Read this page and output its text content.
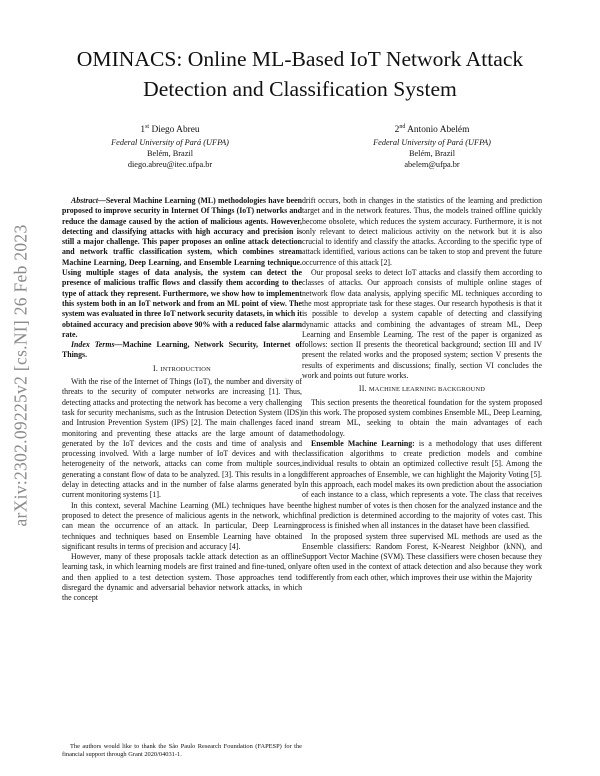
arXiv:2302.09225v2 [cs.NI] 26 Feb 2023
OMINACS: Online ML-Based IoT Network Attack Detection and Classification System
1st Diego Abreu
Federal University of Pará (UFPA)
Belém, Brazil
diego.abreu@itec.ufpa.br
2nd Antonio Abelém
Federal University of Pará (UFPA)
Belém, Brazil
abelem@ufpa.br

Abstract—Several Machine Learning (ML) methodologies have been proposed to improve security in Internet Of Things (IoT) networks and reduce the damage caused by the action of malicious agents. However, detecting and classifying attacks with high accuracy and precision is still a major challenge. This paper proposes an online attack detection and network traffic classification system, which combines stream Machine Learning, Deep Learning, and Ensemble Learning technique. Using multiple stages of data analysis, the system can detect the presence of malicious traffic flows and classify them according to the type of attack they represent. Furthermore, we show how to implement this system both in an IoT network and from an ML point of view. The system was evaluated in three IoT network security datasets, in which it obtained accuracy and precision above 90% with a reduced false alarm rate.

Index Terms—Machine Learning, Network Security, Internet of Things.

I. INTRODUCTION

With the rise of the Internet of Things (IoT), the number and diversity of threats to the security of computer networks are increasing [1]. Thus, detecting attacks and protecting the network has become a very challenging task for security mechanisms, such as the Intrusion Detection System (IDS) and Intrusion Prevention System (IPS) [2]. The main challenges faced in monitoring and preventing these attacks are the large amount of data generated by the IoT devices and the costs and time of analysis and processing involved. With a large number of IoT devices and with the heterogeneity of the network, attacks can come from multiple sources, generating a constant flow of data to be analyzed. [3]. This results in a long delay in detecting attacks and in the number of false alarms generated by current monitoring systems [1].

In this context, several Machine Learning (ML) techniques have been proposed to detect the presence of malicious agents in the network, which can mean the occurrence of an attack. In particular, Deep Learning techniques and techniques based on Ensemble Learning have obtained significant results in terms of precision and accuracy [4].

However, many of these proposals tackle attack detection as an offline learning task, in which learning models are first trained and fine-tuned, only and then applied to a test detection system. Those approaches tend to disregard the dynamic and adversarial behavior network attacks, in which the concept

The authors would like to thank the São Paulo Research Foundation (FAPESP) for the financial support through Grant 2020/04031-1.

drift occurs, both in changes in the statistics of the learning and prediction target and in the network features. Thus, the models trained offline quickly become obsolete, which reduces the system accuracy. Furthermore, it is not only relevant to detect malicious activity on the network but it is also crucial to identify and classify the attacks. According to the specific type of attack identified, various actions can be taken to stop and prevent the future occurrence of this attack [2].

Our proposal seeks to detect IoT attacks and classify them according to classes of attacks. Our approach consists of multiple online stages of network flow data analysis, applying specific ML techniques according to the most appropriate task for these stages. Our research hypothesis is that it is possible to develop a system capable of detecting and classifying dynamic attacks and combining the advantages of stream ML, Deep Learning and Ensemble Learning. The rest of the paper is organized as follows: section II presents the theoretical background; section III and IV present the related works and the proposed system; section V presents the results of experiments and discussions; finally, section VI concludes the work and points out future works.

II. MACHINE LEARNING BACKGROUND

This section presents the theoretical foundation for the system proposed in this work. The proposed system combines Ensemble ML, Deep Learning, and stream ML, seeking to obtain the main advantages of each methodology.

Ensemble Machine Learning: is a methodology that uses different classification algorithms to create prediction models and combine individual results to obtain an optimized collective result [5]. Among the different approaches of Ensemble, we can highlight the Majority Voting [5]. In this approach, each model makes its own prediction about the association of each instance to a class, which represents a vote. The class that receives the highest number of votes is then chosen for the analyzed instance and the final prediction is determined according to the majority of votes cast. This process is finished when all instances in the dataset have been classified.

In the proposed system three supervised ML methods are used as the Ensemble classifiers: Random Forest, K-Nearest Neighbor (kNN), and Support Vector Machine (SVM). These classifiers were chosen because they are often used in the context of attack detection and also because they work differently from each other, which improves their use within the Majority
